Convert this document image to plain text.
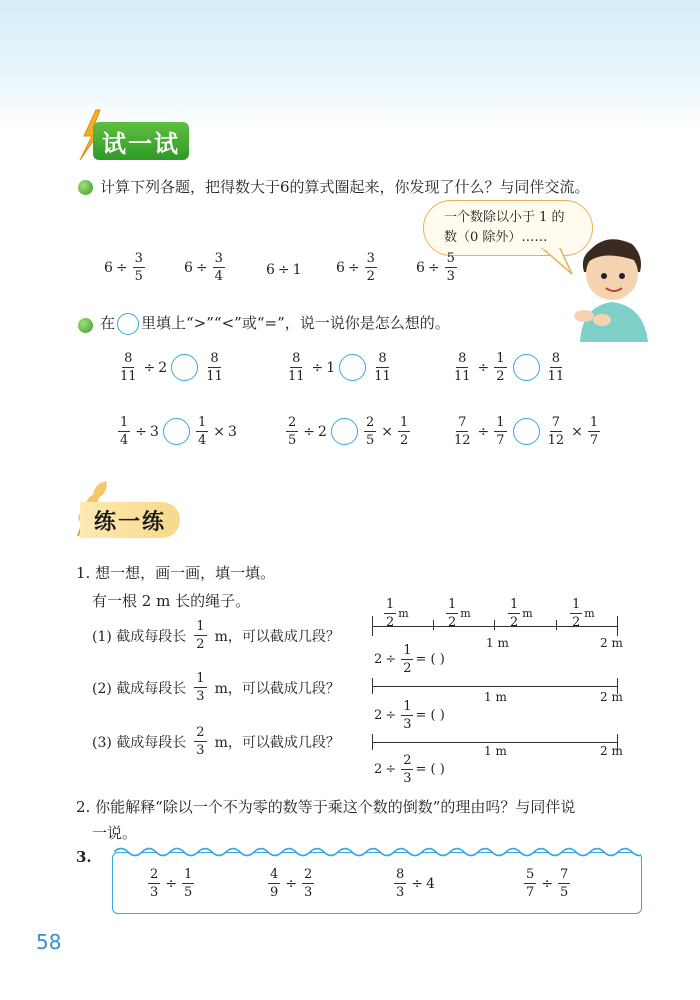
试一试
计算下列各题，把得数大于6的算式圈起来，你发现了什么？与同伴交流。
一个数除以小于 1 的
数（0 除外）……
$6 \div \frac{3}{5}$	$6 \div \frac{3}{4}$	6 ÷ 1 $6 \div \frac{3}{2}$	$6 \div \frac{5}{3}$
在 里填上“>”“<”或“=”，说一说你是怎么想的。
$\frac{8}{11} \div 2$	$\frac{8}{11}$	$\frac{8}{11} \div 1$	$\frac{8}{11}$	$\frac{8}{11} \div \frac{1}{2}$	$\frac{8}{11}$
$\frac{1}{4} \div 3$	$\frac{1}{4} \times 3$	$\frac{2}{5} \div 2$	$\frac{2}{5} \times \frac{1}{2}$	$\frac{7}{12} \div \frac{1}{7}$	$\frac{7}{12} \times \frac{1}{7}$
练一练
1. 想一想，画一画，填一填。
有一根 2 m 长的绳子。
(1) 截成每段长 $\frac{1}{2}$ m，可以截成几段？
$\frac{1}{2}$ m	$\frac{1}{2}$ m	$\frac{1}{2}$ m	$\frac{1}{2}$ m
1 m	2 m
$2 \div \frac{1}{2}$ = ( )
(2) 截成每段长 $\frac{1}{3}$ m，可以截成几段？
1 m	2 m
$2 \div \frac{1}{3}$ = ( )
(3) 截成每段长 $\frac{2}{3}$ m，可以截成几段？
1 m	2 m
$2 \div \frac{2}{3}$ = ( )
2. 你能解释“除以一个不为零的数等于乘这个数的倒数”的理由吗？与同伴说
一说。
3.
$\frac{2}{3} \div \frac{1}{5}$	$\frac{4}{9} \div \frac{2}{3}$	$\frac{8}{3} \div 4$	$\frac{5}{7} \div \frac{7}{5}$
58
